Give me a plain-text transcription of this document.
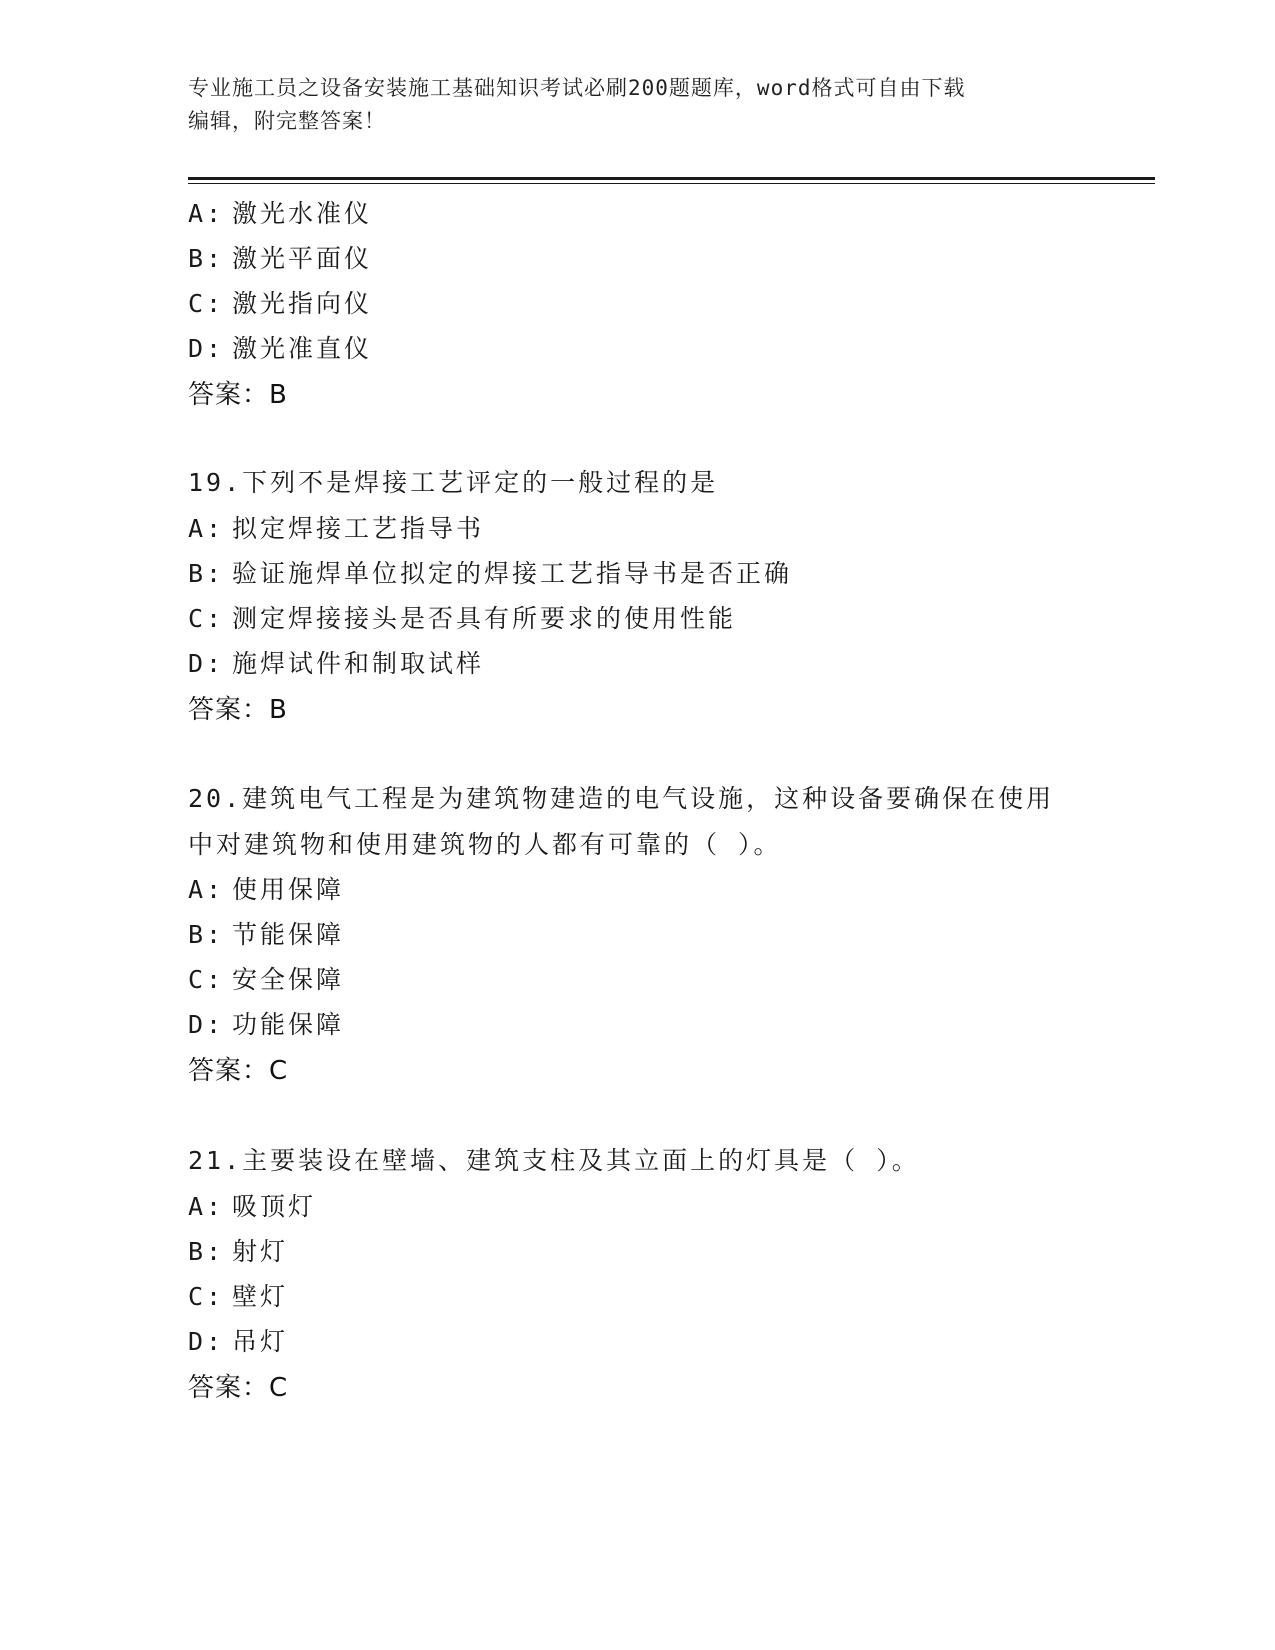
专业施工员之设备安装施工基础知识考试必刷200题题库，word格式可自由下载
编辑，附完整答案！
A: 激光水准仪
B: 激光平面仪
C: 激光指向仪
D: 激光准直仪
答案：B
19.下列不是焊接工艺评定的一般过程的是
A: 拟定焊接工艺指导书
B: 验证施焊单位拟定的焊接工艺指导书是否正确
C: 测定焊接接头是否具有所要求的使用性能
D: 施焊试件和制取试样
答案：B
20.建筑电气工程是为建筑物建造的电气设施，这种设备要确保在使用
中对建筑物和使用建筑物的人都有可靠的（ ）。
A: 使用保障
B: 节能保障
C: 安全保障
D: 功能保障
答案：C
21.主要装设在壁墙、建筑支柱及其立面上的灯具是（ ）。
A: 吸顶灯
B: 射灯
C: 壁灯
D: 吊灯
答案：C
